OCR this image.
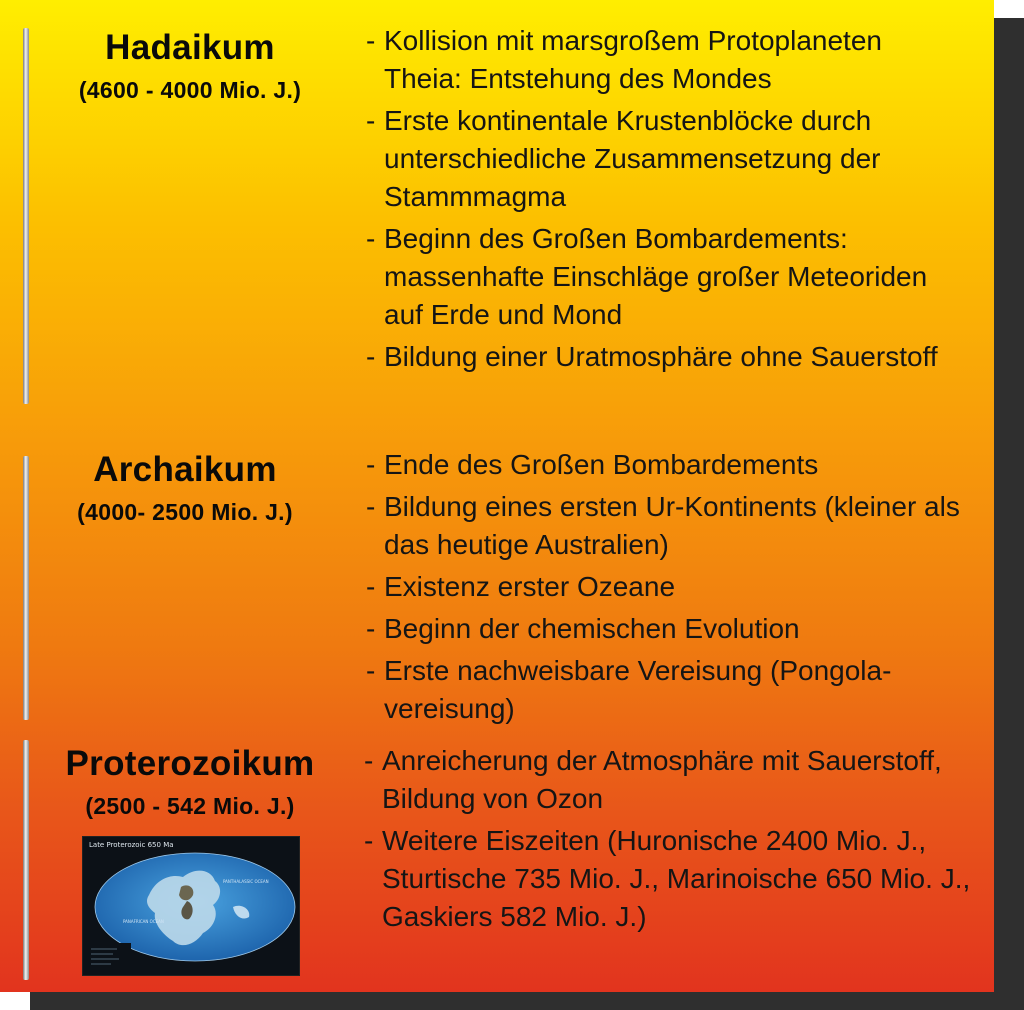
Hadaikum
(4600 - 4000 Mio. J.)
- Kollision mit marsgroßem Protoplaneten Theia: Entstehung des Mondes
- Erste kontinentale Krustenblöcke durch unterschiedliche Zusammensetzung der Stammmagma
- Beginn des Großen Bombardements: massenhafte Einschläge großer Meteoriden auf Erde und Mond
- Bildung einer Uratmosphäre ohne Sauerstoff
Archaikum
(4000- 2500 Mio. J.)
- Ende des Großen Bombardements
- Bildung eines ersten Ur-Kontinents (kleiner als das heutige Australien)
- Existenz erster Ozeane
- Beginn der chemischen Evolution
- Erste nachweisbare Vereisung (Pongola-vereisung)
Proterozoikum
(2500 - 542 Mio. J.)
- Anreicherung der Atmosphäre mit Sauerstoff, Bildung von Ozon
- Weitere Eiszeiten (Huronische 2400 Mio. J., Sturtische 735 Mio. J., Marinoische 650 Mio. J., Gaskiers 582 Mio. J.)
Late Proterozoic 650 Ma
PANTHALASSIC OCEAN
PANAFRICAN OCEAN
